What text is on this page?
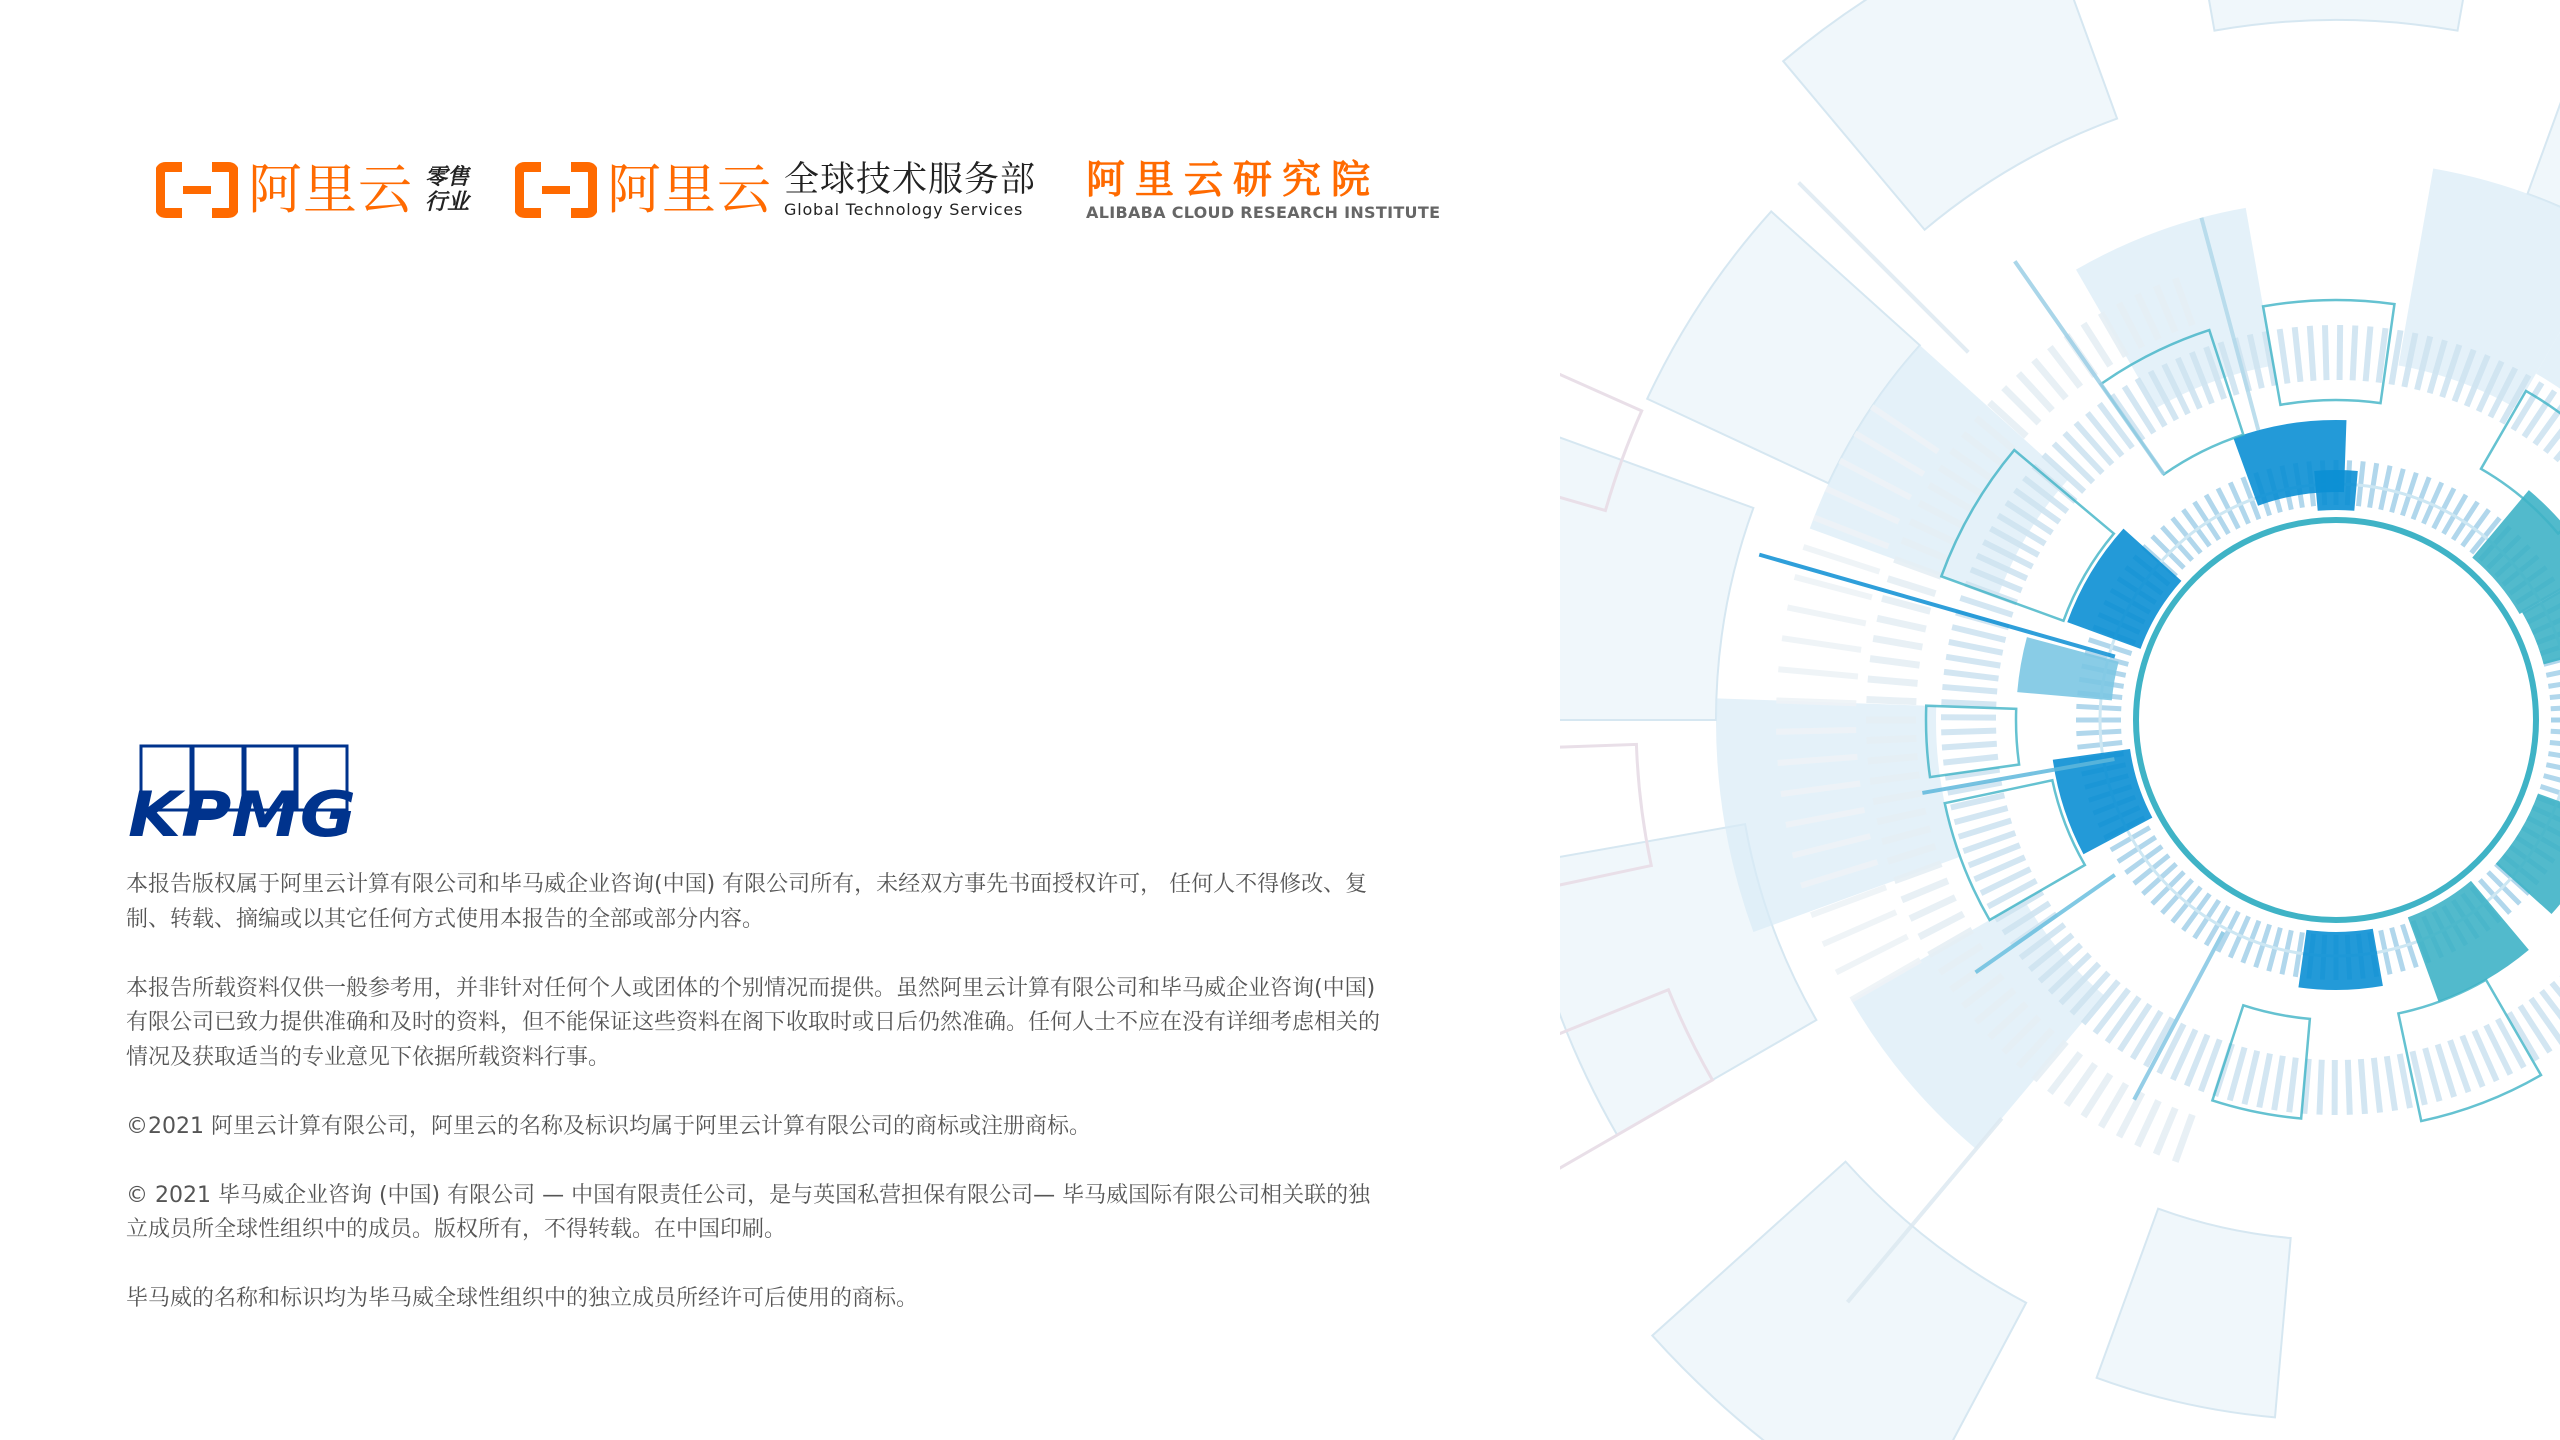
阿里云 零售
行业	阿里云 全球技术服务部
Global Technology Services
阿里云研究院
ALIBABA CLOUD RESEARCH INSTITUTE
KPMG

本报告版权属于阿里云计算有限公司和毕马威企业咨询(中国) 有限公司所有，未经双方事先书面授权许可， 任何人不得修改、复制、转载、摘编或以其它任何方式使用本报告的全部或部分内容。

本报告所载资料仅供一般参考用，并非针对任何个人或团体的个别情况而提供。虽然阿里云计算有限公司和毕马威企业咨询(中国) 有限公司已致力提供准确和及时的资料，但不能保证这些资料在阁下收取时或日后仍然准确。任何人士不应在没有详细考虑相关的情况及获取适当的专业意见下依据所载资料行事。

©2021 阿里云计算有限公司，阿里云的名称及标识均属于阿里云计算有限公司的商标或注册商标。

© 2021 毕马威企业咨询 (中国) 有限公司 — 中国有限责任公司，是与英国私营担保有限公司— 毕马威国际有限公司相关联的独立成员所全球性组织中的成员。版权所有，不得转载。在中国印刷。

毕马威的名称和标识均为毕马威全球性组织中的独立成员所经许可后使用的商标。
